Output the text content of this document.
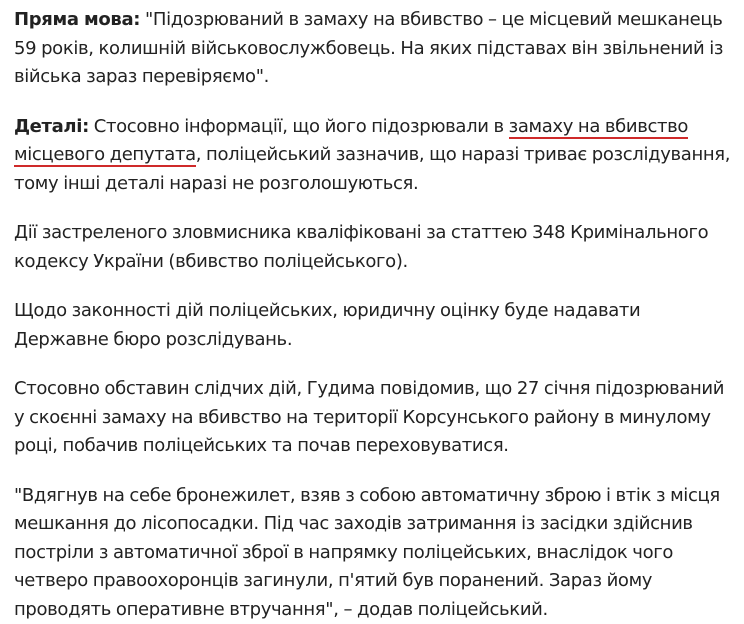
Пряма мова: "Підозрюваний в замаху на вбивство – це місцевий мешканець 59 років, колишній військовослужбовець. На яких підставах він звільнений із війська зараз перевіряємо".

Деталі: Стосовно інформації, що його підозрювали в замаху на вбивство місцевого депутата, поліцейський зазначив, що наразі триває розслідування, тому інші деталі наразі не розголошуються.

Дії застреленого зловмисника кваліфіковані за статтею 348 Кримінального кодексу України (вбивство поліцейського).

Щодо законності дій поліцейських, юридичну оцінку буде надавати Державне бюро розслідувань.

Стосовно обставин слідчих дій, Гудима повідомив, що 27 січня підозрюваний у скоєнні замаху на вбивство на території Корсунського району в минулому році, побачив поліцейських та почав переховуватися.

"Вдягнув на себе бронежилет, взяв з собою автоматичну зброю і втік з місця мешкання до лісопосадки. Під час заходів затримання із засідки здійснив постріли з автоматичної зброї в напрямку поліцейських, внаслідок чого четверо правоохоронців загинули, п'ятий був поранений. Зараз йому проводять оперативне втручання", – додав поліцейський.
